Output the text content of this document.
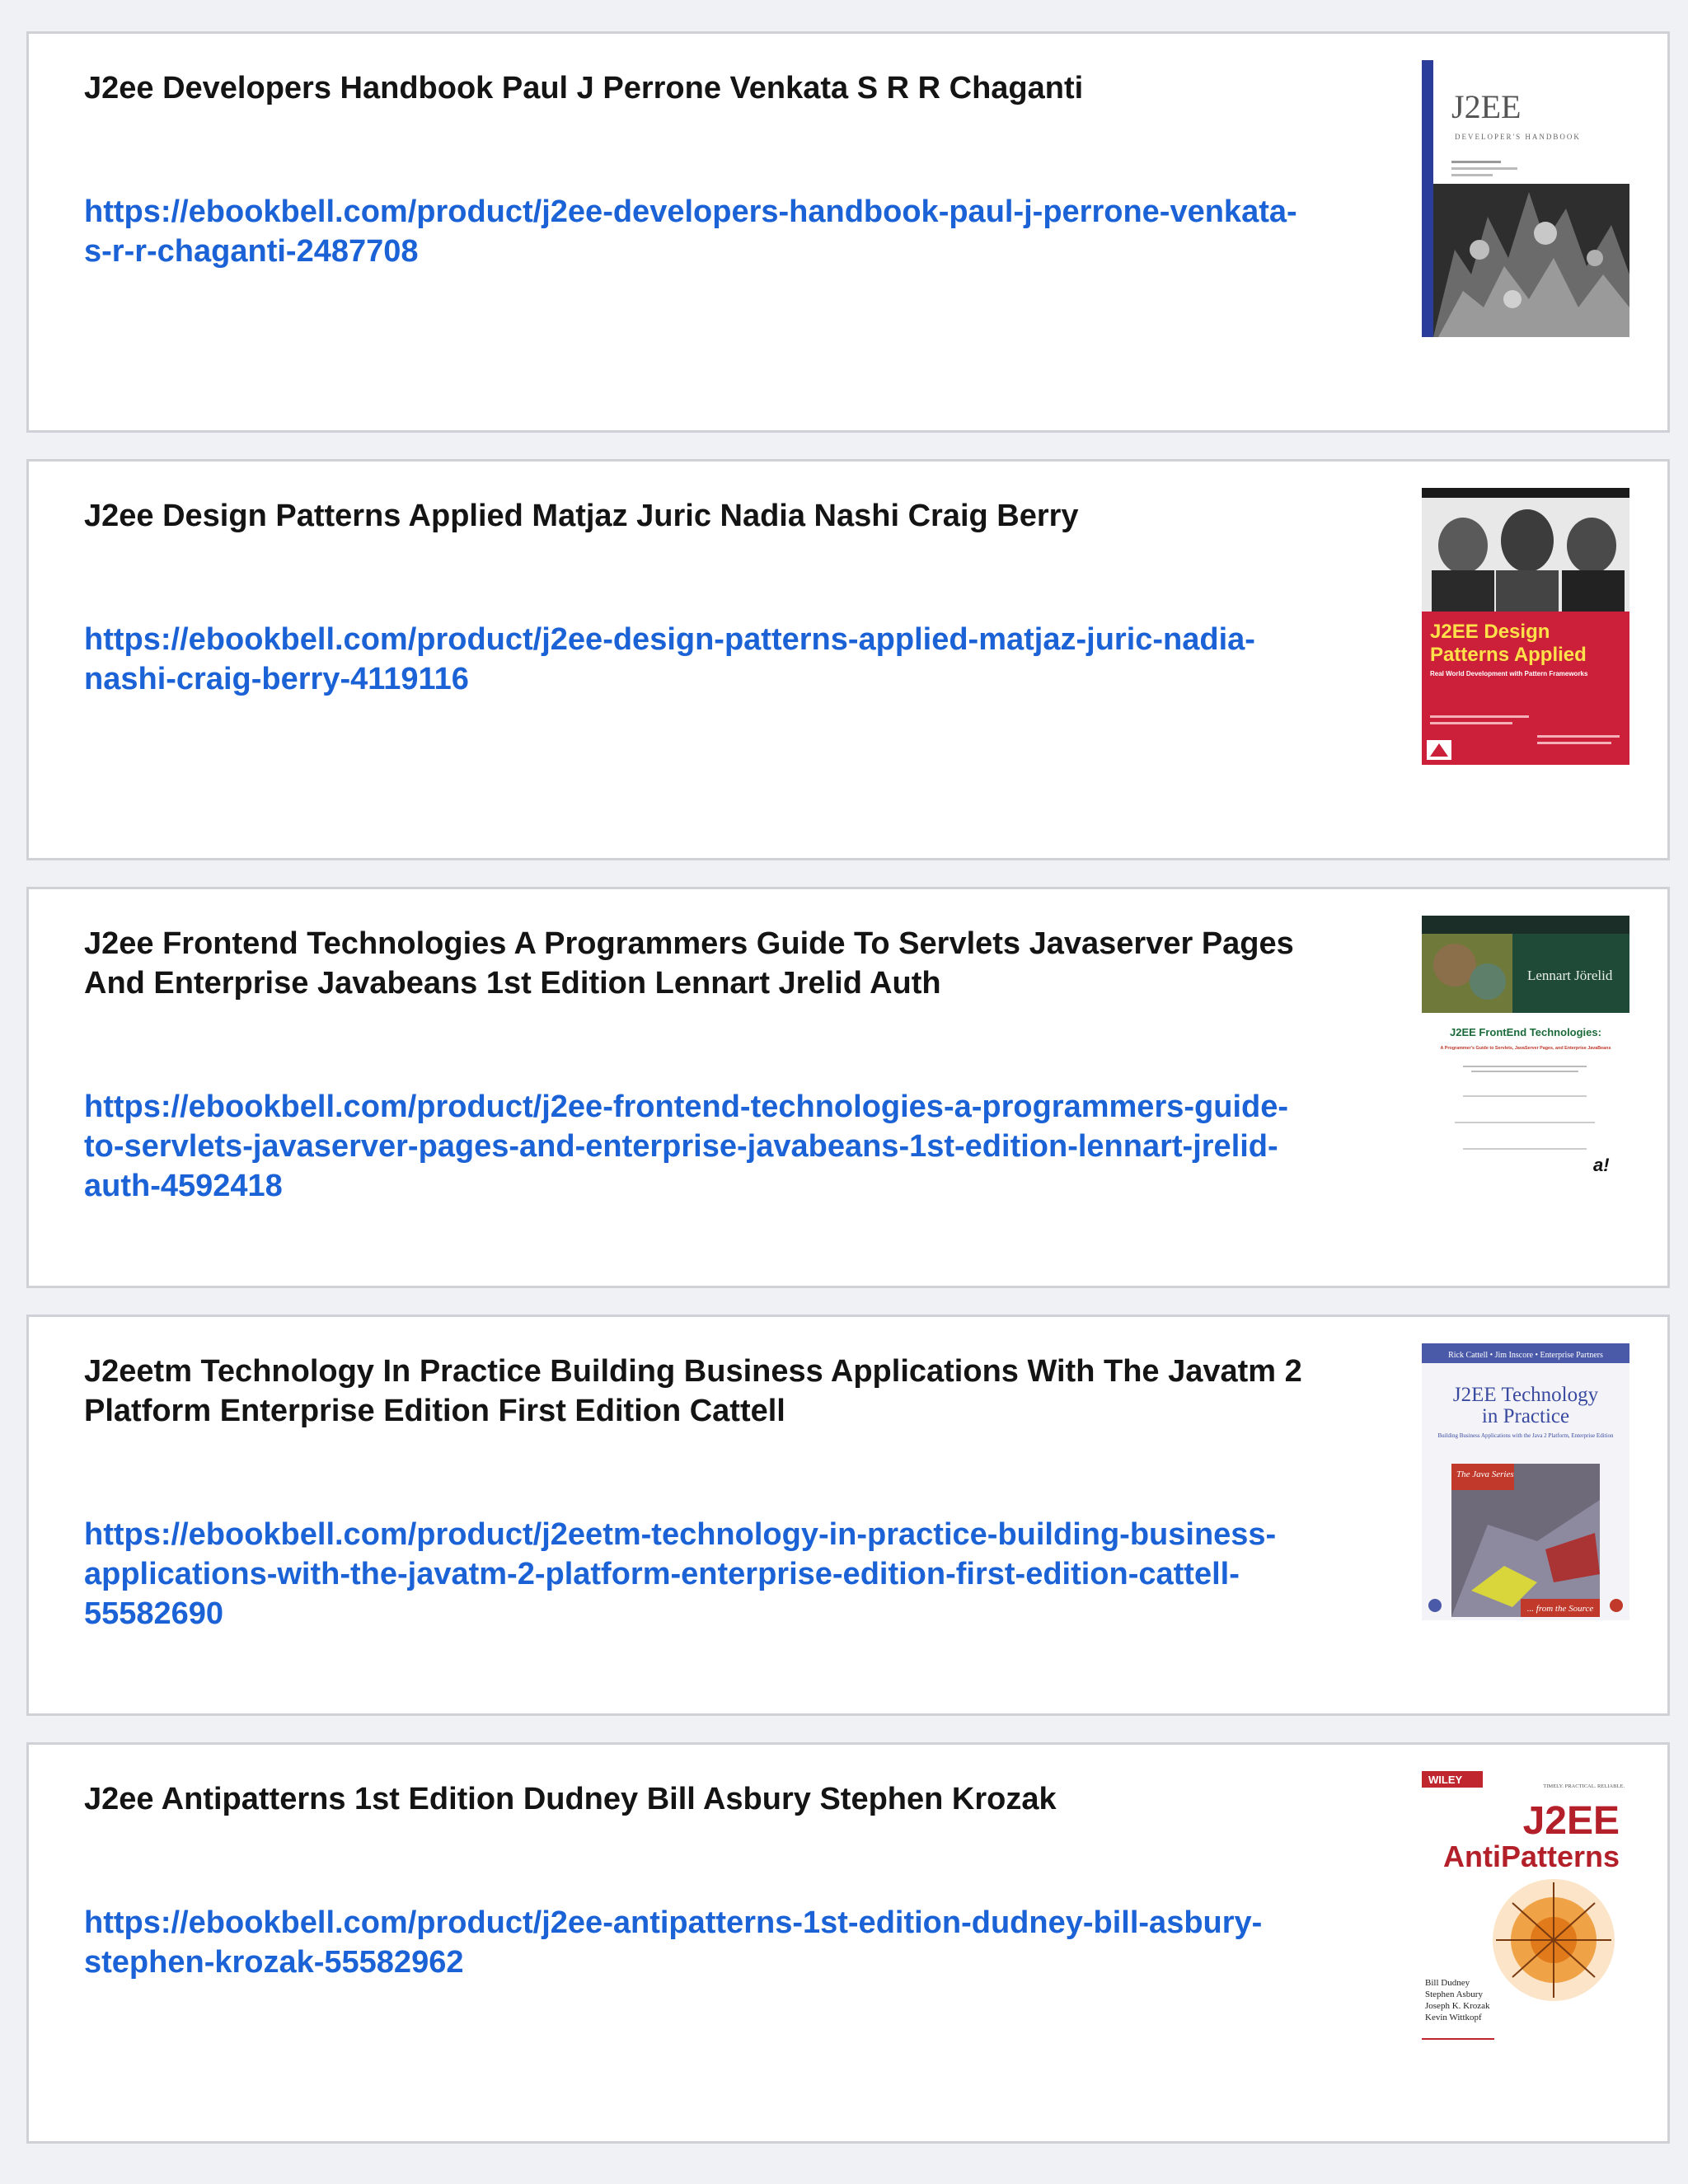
J2ee Developers Handbook Paul J Perrone Venkata S R R Chaganti

https://ebookbell.com/product/j2ee-developers-handbook-paul-j-perrone-venkata-s-r-r-chaganti-2487708
J2EE
DEVELOPER'S HANDBOOK

J2ee Design Patterns Applied Matjaz Juric Nadia Nashi Craig Berry

https://ebookbell.com/product/j2ee-design-patterns-applied-matjaz-juric-nadia-nashi-craig-berry-4119116
J2EE Design
Patterns Applied
Real World Development with Pattern Frameworks

J2ee Frontend Technologies A Programmers Guide To Servlets Javaserver Pages And Enterprise Javabeans 1st Edition Lennart Jrelid Auth

https://ebookbell.com/product/j2ee-frontend-technologies-a-programmers-guide-to-servlets-javaserver-pages-and-enterprise-javabeans-1st-edition-lennart-jrelid-auth-4592418
Lennart Jörelid
J2EE FrontEnd Technologies:
A Programmer's Guide to Servlets, JavaServer Pages, and Enterprise JavaBeans
a!

J2eetm Technology In Practice Building Business Applications With The Javatm 2 Platform Enterprise Edition First Edition Cattell

https://ebookbell.com/product/j2eetm-technology-in-practice-building-business-applications-with-the-javatm-2-platform-enterprise-edition-first-edition-cattell-55582690
Rick Cattell • Jim Inscore • Enterprise Partners
J2EE Technology
in Practice
Building Business Applications with the Java 2 Platform, Enterprise Edition
The Java Series
... from the Source

J2ee Antipatterns 1st Edition Dudney Bill Asbury Stephen Krozak

https://ebookbell.com/product/j2ee-antipatterns-1st-edition-dudney-bill-asbury-stephen-krozak-55582962
WILEY
TIMELY. PRACTICAL. RELIABLE.
J2EE
AntiPatterns
Bill Dudney
Stephen Asbury
Joseph K. Krozak
Kevin Wittkopf
